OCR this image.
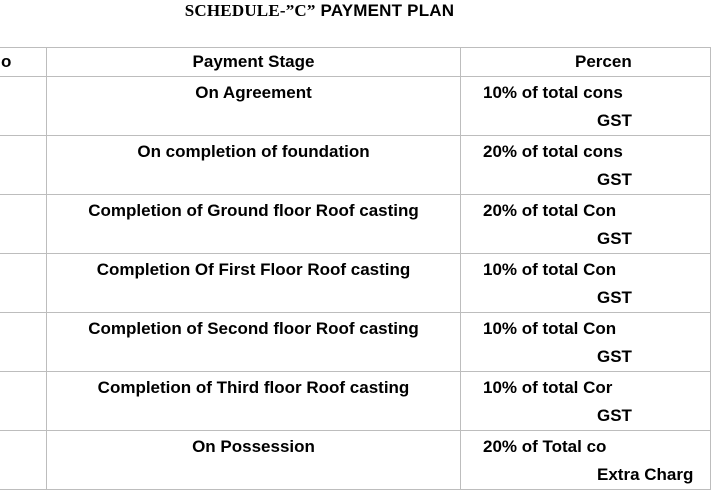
SCHEDULE-”C” PAYMENT PLAN
o	Payment Stage	Percen
	On Agreement	10% of total cons
GST

	On completion of foundation	20% of total cons
GST

	Completion of Ground floor Roof casting	20% of total Con
GST

	Completion Of First Floor Roof casting	10% of total Con
GST

	Completion of Second floor Roof casting	10% of total Con
GST

	Completion of Third floor Roof casting	10% of total Cor
GST

	On Possession	20% of Total co
Extra Charg
